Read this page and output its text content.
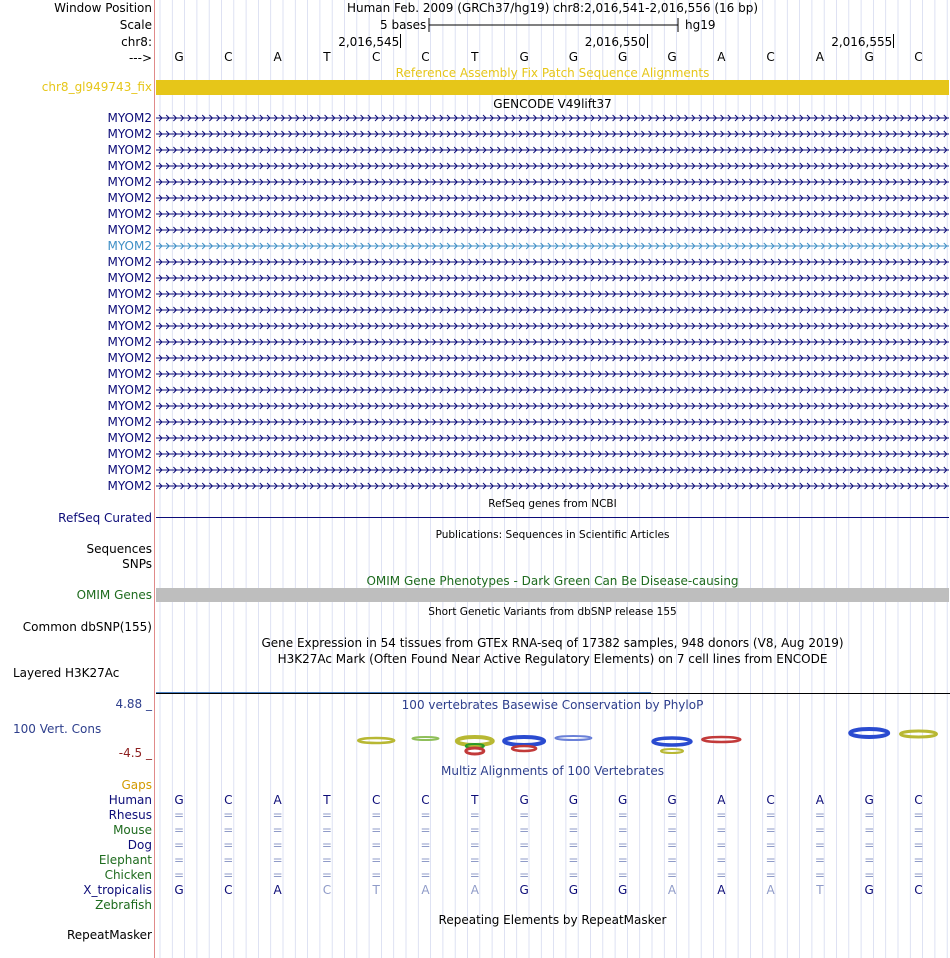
Window Position	Human Feb. 2009 (GRCh37/hg19) chr8:2,016,541-2,016,556 (16 bp)
Scale	5 bases	hg19
chr8:
--->
2,016,545	2,016,550	2,016,555
G	C	A	T	C	C	T	G	G	G	G	A	C	A	G	C
Reference Assembly Fix Patch Sequence Alignments
chr8_gl949743_fix
GENCODE V49lift37
MYOM2
MYOM2
MYOM2
MYOM2
MYOM2
MYOM2
MYOM2
MYOM2
MYOM2
MYOM2
MYOM2
MYOM2
MYOM2
MYOM2
MYOM2
MYOM2
MYOM2
MYOM2
MYOM2
MYOM2
MYOM2
MYOM2
MYOM2
MYOM2
RefSeq genes from NCBI
RefSeq Curated
Publications: Sequences in Scientific Articles
Sequences
SNPs
OMIM Gene Phenotypes - Dark Green Can Be Disease-causing
OMIM Genes
Short Genetic Variants from dbSNP release 155
Common dbSNP(155)
Gene Expression in 54 tissues from GTEx RNA-seq of 17382 samples, 948 donors (V8, Aug 2019)
H3K27Ac Mark (Often Found Near Active Regulatory Elements) on 7 cell lines from ENCODE
Layered H3K27Ac
100 vertebrates Basewise Conservation by PhyloP
4.88 _
100 Vert. Cons
-4.5 _
Multiz Alignments of 100 Vertebrates
Gaps
Human G	C	A	T	C	C	T	G	G	G	G	A	C	A	G	C
Rhesus =	=	=	=	=	=	=	=	=	=	=	=	=	=	=	=
Mouse =	=	=	=	=	=	=	=	=	=	=	=	=	=	=	=
Dog =	=	=	=	=	=	=	=	=	=	=	=	=	=	=	=
Elephant =	=	=	=	=	=	=	=	=	=	=	=	=	=	=	=
Chicken =	=	=	=	=	=	=	=	=	=	=	=	=	=	=	=
X_tropicalis G	C	A	C	T	A	A	G	G	G	A	A	A	T	G	C
Zebrafish
Repeating Elements by RepeatMasker
RepeatMasker
